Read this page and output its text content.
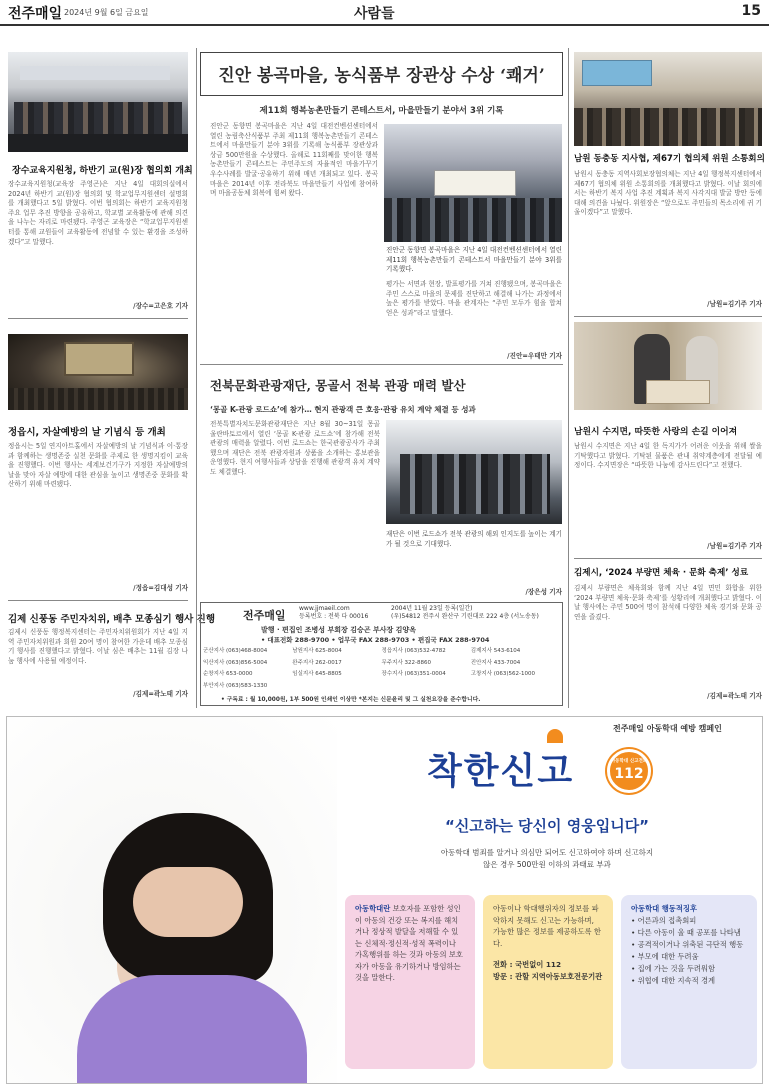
전주매일 2024년 9월 6일 금요일	사람들	15
장수교육지원청, 하반기 교(원)장 협의회 개최
장수교육지원청(교육장 주영곤)은 지난 4일 대회의실에서 2024년 하반기 교(원)장 협의회 및 학교업무지원센터 설명회를 개최했다고 5일 밝혔다. 이번 협의회는 하반기 교육지원청 주요 업무 추진 방향을 공유하고, 학교별 교육활동에 관해 의견을 나누는 자리로 마련됐다. 주영곤 교육장은 “학교업무지원센터를 통해 교원들이 교육활동에 전념할 수 있는 환경을 조성하겠다”고 말했다.
/장수=고은호 기자
정읍시, 자살예방의 날 기념식 등 개최
정읍시는 5일 연지아트홀에서 자살예방의 날 기념식과 이·통장과 함께하는 생명존중 실천 문화를 주제로 한 생명지킴이 교육을 진행했다. 이번 행사는 세계보건기구가 지정한 자살예방의 날을 맞아 자살 예방에 대한 관심을 높이고 생명존중 문화를 확산하기 위해 마련됐다.
/정읍=김대성 기자
김제 신풍동 주민자치위, 배추 모종심기 행사 진행
김제시 신풍동 행정복지센터는 주민자치위원회가 지난 4일 지역 주민자치위원과 회원 20여 명이 참여한 가운데 배추 모종심기 행사를 진행했다고 밝혔다. 이날 심은 배추는 11월 김장 나눔 행사에 사용될 예정이다.
/김제=곽노태 기자
진안 봉곡마을, 농식품부 장관상 수상 ‘쾌거’
제11회 행복농촌만들기 콘테스트서, 마을만들기 분야서 3위 기록
진안군 동향면 봉곡마을은 지난 4일 대전컨벤션센터에서 열린 농림축산식품부 주최 제11회 행복농촌만들기 콘테스트에서 마을만들기 분야 3위를 기록해 농식품부 장관상과 상금 500만원을 수상했다. 올해로 11회째를 맞이한 행복농촌만들기 콘테스트는 주민주도의 자율적인 마을가꾸기 우수사례를 발굴·공유하기 위해 매년 개최되고 있다. 봉곡마을은 2014년 이후 전라북도 마을만들기 사업에 참여하며 마을공동체 회복에 힘써 왔다.
진안군 동향면 봉곡마을은 지난 4일 대전컨벤션센터에서 열린 제11회 행복농촌만들기 콘테스트서 마을만들기 분야 3위를 기록했다.
평가는 서면과 현장, 발표평가를 거쳐 진행됐으며, 봉곡마을은 주민 스스로 마을의 문제를 진단하고 해결해 나가는 과정에서 높은 평가를 받았다. 마을 관계자는 “주민 모두가 힘을 합쳐 얻은 성과”라고 말했다.
/진안=우태만 기자
전북문화관광재단, 몽골서 전북 관광 매력 발산
‘몽골 K-관광 로드쇼’에 참가… 현지 관광객 큰 호응·관광 유치 계약 체결 등 성과
전북특별자치도문화관광재단은 지난 8월 30~31일 몽골 울란바토르에서 열린 ‘몽골 K-관광 로드쇼’에 참가해 전북 관광의 매력을 알렸다. 이번 로드쇼는 한국관광공사가 주최했으며 재단은 전북 관광자원과 상품을 소개하는 홍보관을 운영했다. 현지 여행사들과 상담을 진행해 관광객 유치 계약도 체결했다.
재단은 이번 로드쇼가 전북 관광의 해외 인지도를 높이는 계기가 될 것으로 기대했다.
/장은성 기자
전주매일
www.jjmaeil.com
등록번호 : 전북 다 00016
2004년 11월 23일 등록(일간)
(우)54812 전주시 완산구 기린대로 222 4층 (서노송동)
발행 · 편집인 조병성 부회장 김승곤 부사장 김양옥
• 대표전화 288-9700 • 업무국 FAX 288-9703 • 편집국 FAX 288-9704
군산지사 (063)468-8004	남원지사 625-8004	정읍지사 (063)532-4782	김제지사 543-6104
익산지사 (063)856-5004	완주지사 262-0017	무주지사 322-8860	진안지사 433-7004
순창지사 653-0000	임실지사 645-8805	장수지사 (063)351-0004	고창지사 (063)562-1000
부안지사 (063)583-1330
• 구독료 : 월 10,000원, 1부 500원 인쇄인 이상만 *본지는 신문윤리 및 그 실천요강을 준수합니다.
남원 동충동 지사협, 제67기 협의체 위원 소통회의
남원시 동충동 지역사회보장협의체는 지난 4일 행정복지센터에서 제67기 협의체 위원 소통회의를 개최했다고 밝혔다. 이날 회의에서는 하반기 복지 사업 추진 계획과 복지 사각지대 발굴 방안 등에 대해 의견을 나눴다. 위원장은 “앞으로도 주민들의 목소리에 귀 기울이겠다”고 말했다.
/남원=김기주 기자
남원시 수지면, 따뜻한 사랑의 손길 이어져
남원시 수지면은 지난 4일 한 독지가가 어려운 이웃을 위해 쌀을 기탁했다고 밝혔다. 기탁된 물품은 관내 취약계층에게 전달될 예정이다. 수지면장은 “따뜻한 나눔에 감사드린다”고 전했다.
/남원=김기주 기자
김제시, ‘2024 부량면 체육 · 문화 축제’ 성료
김제시 부량면은 체육회와 함께 지난 4일 면민 화합을 위한 ‘2024 부량면 체육·문화 축제’를 성황리에 개최했다고 밝혔다. 이날 행사에는 주민 500여 명이 참석해 다양한 체육 경기와 문화 공연을 즐겼다.
/김제=곽노태 기자
전주매일 아동학대 예방 캠페인
착한신고	아동학대 신고전화
112
“신고하는 당신이 영웅입니다”
아동학대 범죄를 알거나 의심만 되어도 신고하여야 하며 신고하지 않은 경우 500만원 이하의 과태료 부과
아동학대란 보호자를 포함한 성인이 아동의 건강 또는 복지를 해치거나 정상적 발달을 저해할 수 있는 신체적·정신적·성적 폭력이나 가혹행위를 하는 것과 아동의 보호자가 아동을 유기하거나 방임하는 것을 말한다.
아동이나 학대행위자의 정보를 파악하지 못해도 신고는 가능하며, 가능한 많은 정보를 제공하도록 한다.
전화 : 국번없이 112
방문 : 관할 지역아동보호전문기관
아동학대 행동적징후
• 어른과의 접촉회피
• 다른 아동이 울 때 공포를 나타냄
• 공격적이거나 위축된 극단적 행동
• 부모에 대한 두려움
• 집에 가는 것을 두려워함
• 위협에 대한 지속적 경계
